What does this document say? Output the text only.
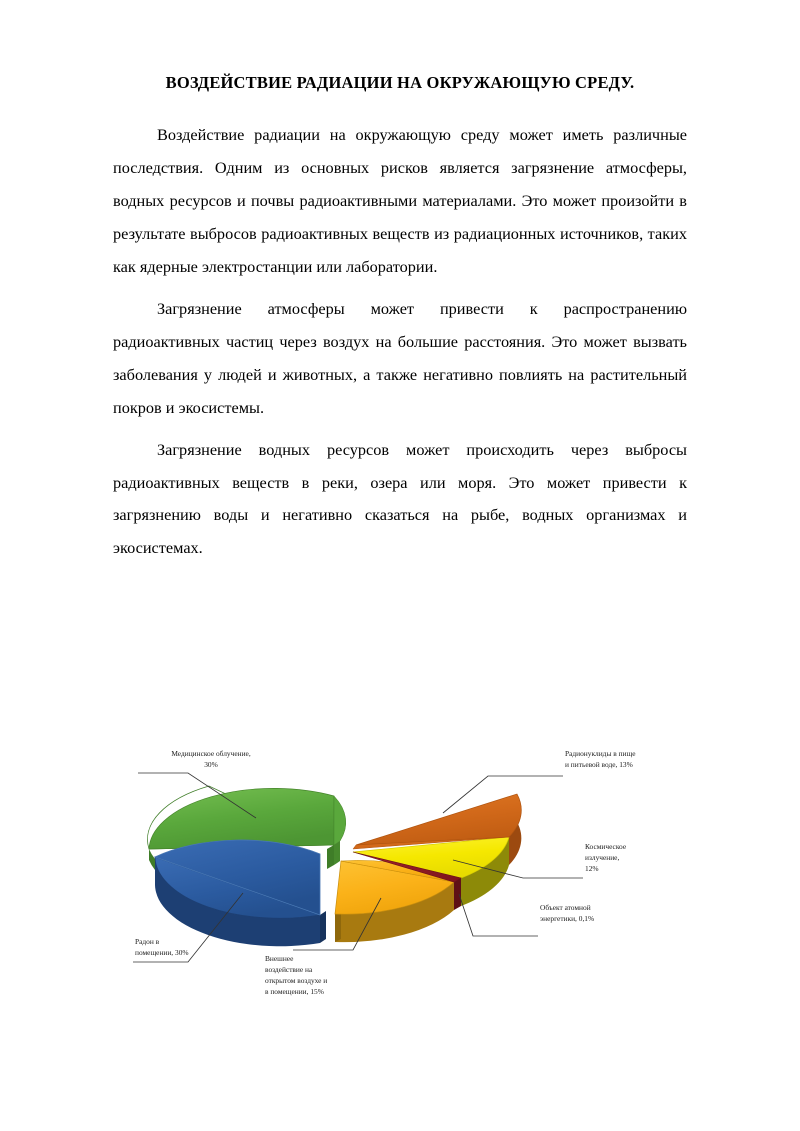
ВОЗДЕЙСТВИЕ РАДИАЦИИ НА ОКРУЖАЮЩУЮ СРЕДУ.

Воздействие радиации на окружающую среду может иметь различные последствия. Одним из основных рисков является загрязнение атмосферы, водных ресурсов и почвы радиоактивными материалами. Это может произойти в результате выбросов радиоактивных веществ из радиационных источников, таких как ядерные электростанции или лаборатории.

Загрязнение атмосферы может привести к распространению радиоактивных частиц через воздух на большие расстояния. Это может вызвать заболевания у людей и животных, а также негативно повлиять на растительный покров и экосистемы.

Загрязнение водных ресурсов может происходить через выбросы радиоактивных веществ в реки, озера или моря. Это может привести к загрязнению воды и негативно сказаться на рыбе, водных организмах и экосистемах.

Медицинское облучение,
30%
Радионуклиды в пище
и питьевой воде, 13%
Космическое
излучение,
12%
Объект атомной
энергетики, 0,1%
Внешнее
воздействие на
открытом воздухе и
в помещении, 15%
Радон в
помещении, 30%
